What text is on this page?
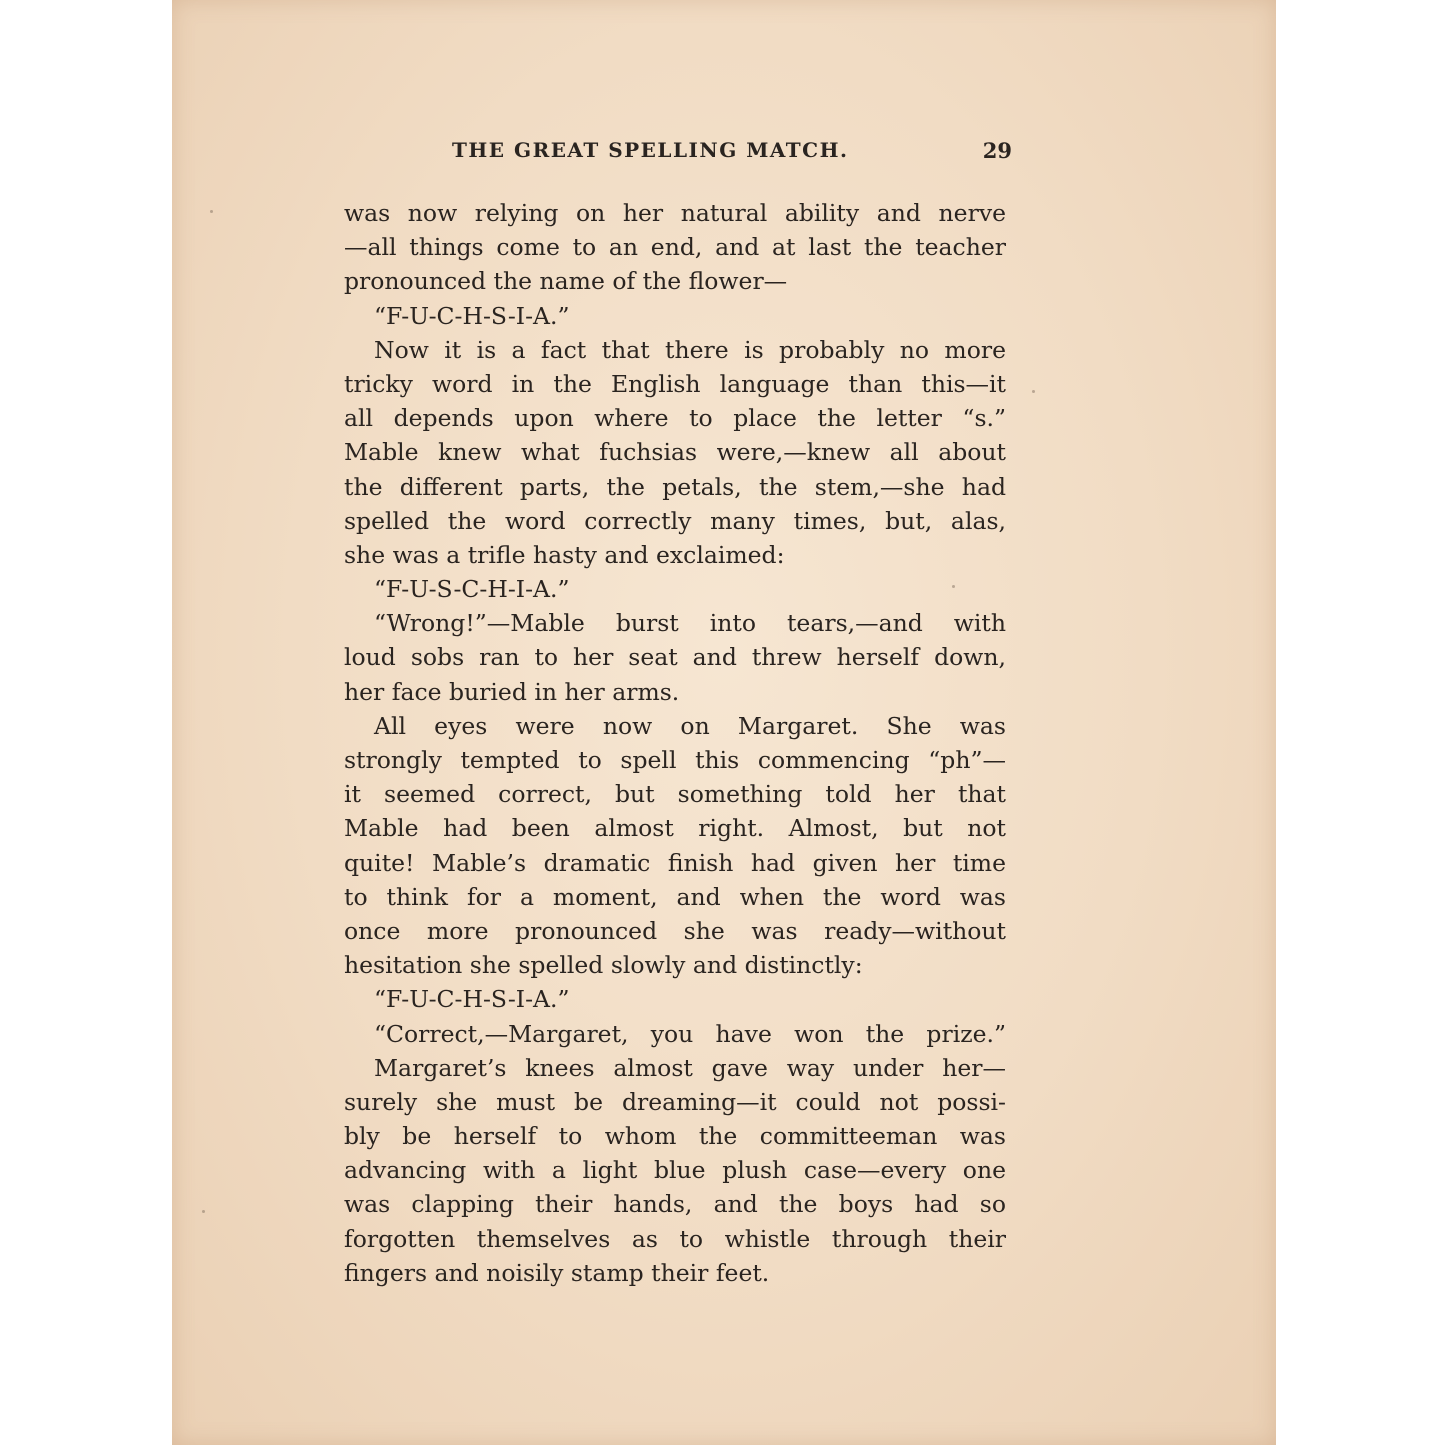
THE GREAT SPELLING MATCH.	29
was now relying on her natural ability and nerve
—all things come to an end, and at last the teacher
pronounced the name of the flower—
“F-U-C-H-S-I-A.”
Now it is a fact that there is probably no more
tricky word in the English language than this—it
all depends upon where to place the letter “s.”
Mable knew what fuchsias were,—knew all about
the different parts, the petals, the stem,—she had
spelled the word correctly many times, but, alas,
she was a trifle hasty and exclaimed:
“F-U-S-C-H-I-A.”
“Wrong!”—Mable burst into tears,—and with
loud sobs ran to her seat and threw herself down,
her face buried in her arms.
All eyes were now on Margaret. She was
strongly tempted to spell this commencing “ph”—
it seemed correct, but something told her that
Mable had been almost right. Almost, but not
quite! Mable’s dramatic finish had given her time
to think for a moment, and when the word was
once more pronounced she was ready—without
hesitation she spelled slowly and distinctly:
“F-U-C-H-S-I-A.”
“Correct,—Margaret, you have won the prize.”
Margaret’s knees almost gave way under her—
surely she must be dreaming—it could not possi-
bly be herself to whom the committeeman was
advancing with a light blue plush case—every one
was clapping their hands, and the boys had so
forgotten themselves as to whistle through their
fingers and noisily stamp their feet.
